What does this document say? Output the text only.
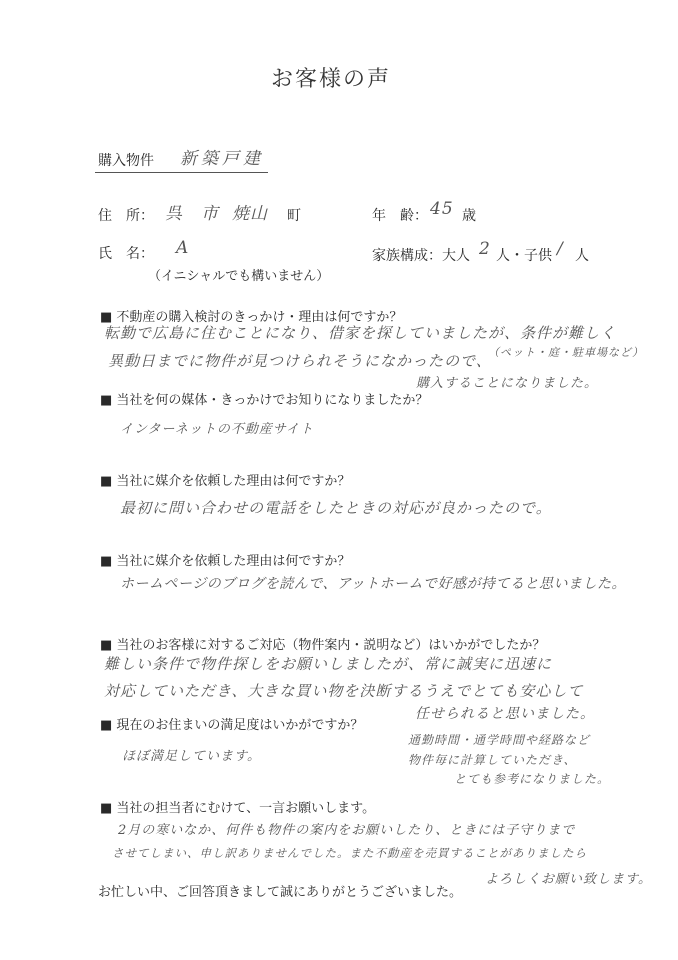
お客様の声
購入物件 新築戸建
住　所： 呉　市 焼山 町	年　齢： 45 歳
氏　名： A
（イニシャルでも構いません）
家族構成：大人 2 人・子供 / 人
■ 不動産の購入検討のきっかけ・理由は何ですか？
転勤で広島に住むことになり、借家を探していましたが、条件が難しく
（ペット・庭・駐車場など）
異動日までに物件が見つけられそうになかったので、
購入することになりました。
■ 当社を何の媒体・きっかけでお知りになりましたか？
インターネットの不動産サイト
■ 当社に媒介を依頼した理由は何ですか？
最初に問い合わせの電話をしたときの対応が良かったので。
■ 当社に媒介を依頼した理由は何ですか？
ホームページのブログを読んで、アットホームで好感が持てると思いました。
■ 当社のお客様に対するご対応（物件案内・説明など）はいかがでしたか？
難しい条件で物件探しをお願いしましたが、常に誠実に迅速に
対応していただき、大きな買い物を決断するうえでとても安心して
任せられると思いました。
通勤時間・通学時間や経路など
物件毎に計算していただき、
とても参考になりました。
■ 現在のお住まいの満足度はいかがですか？
ほぼ満足しています。
■ 当社の担当者にむけて、一言お願いします。
2月の寒いなか、何件も物件の案内をお願いしたり、ときには子守りまで
させてしまい、申し訳ありませんでした。また不動産を売買することがありましたら
よろしくお願い致します。
お忙しい中、ご回答頂きまして誠にありがとうございました。
